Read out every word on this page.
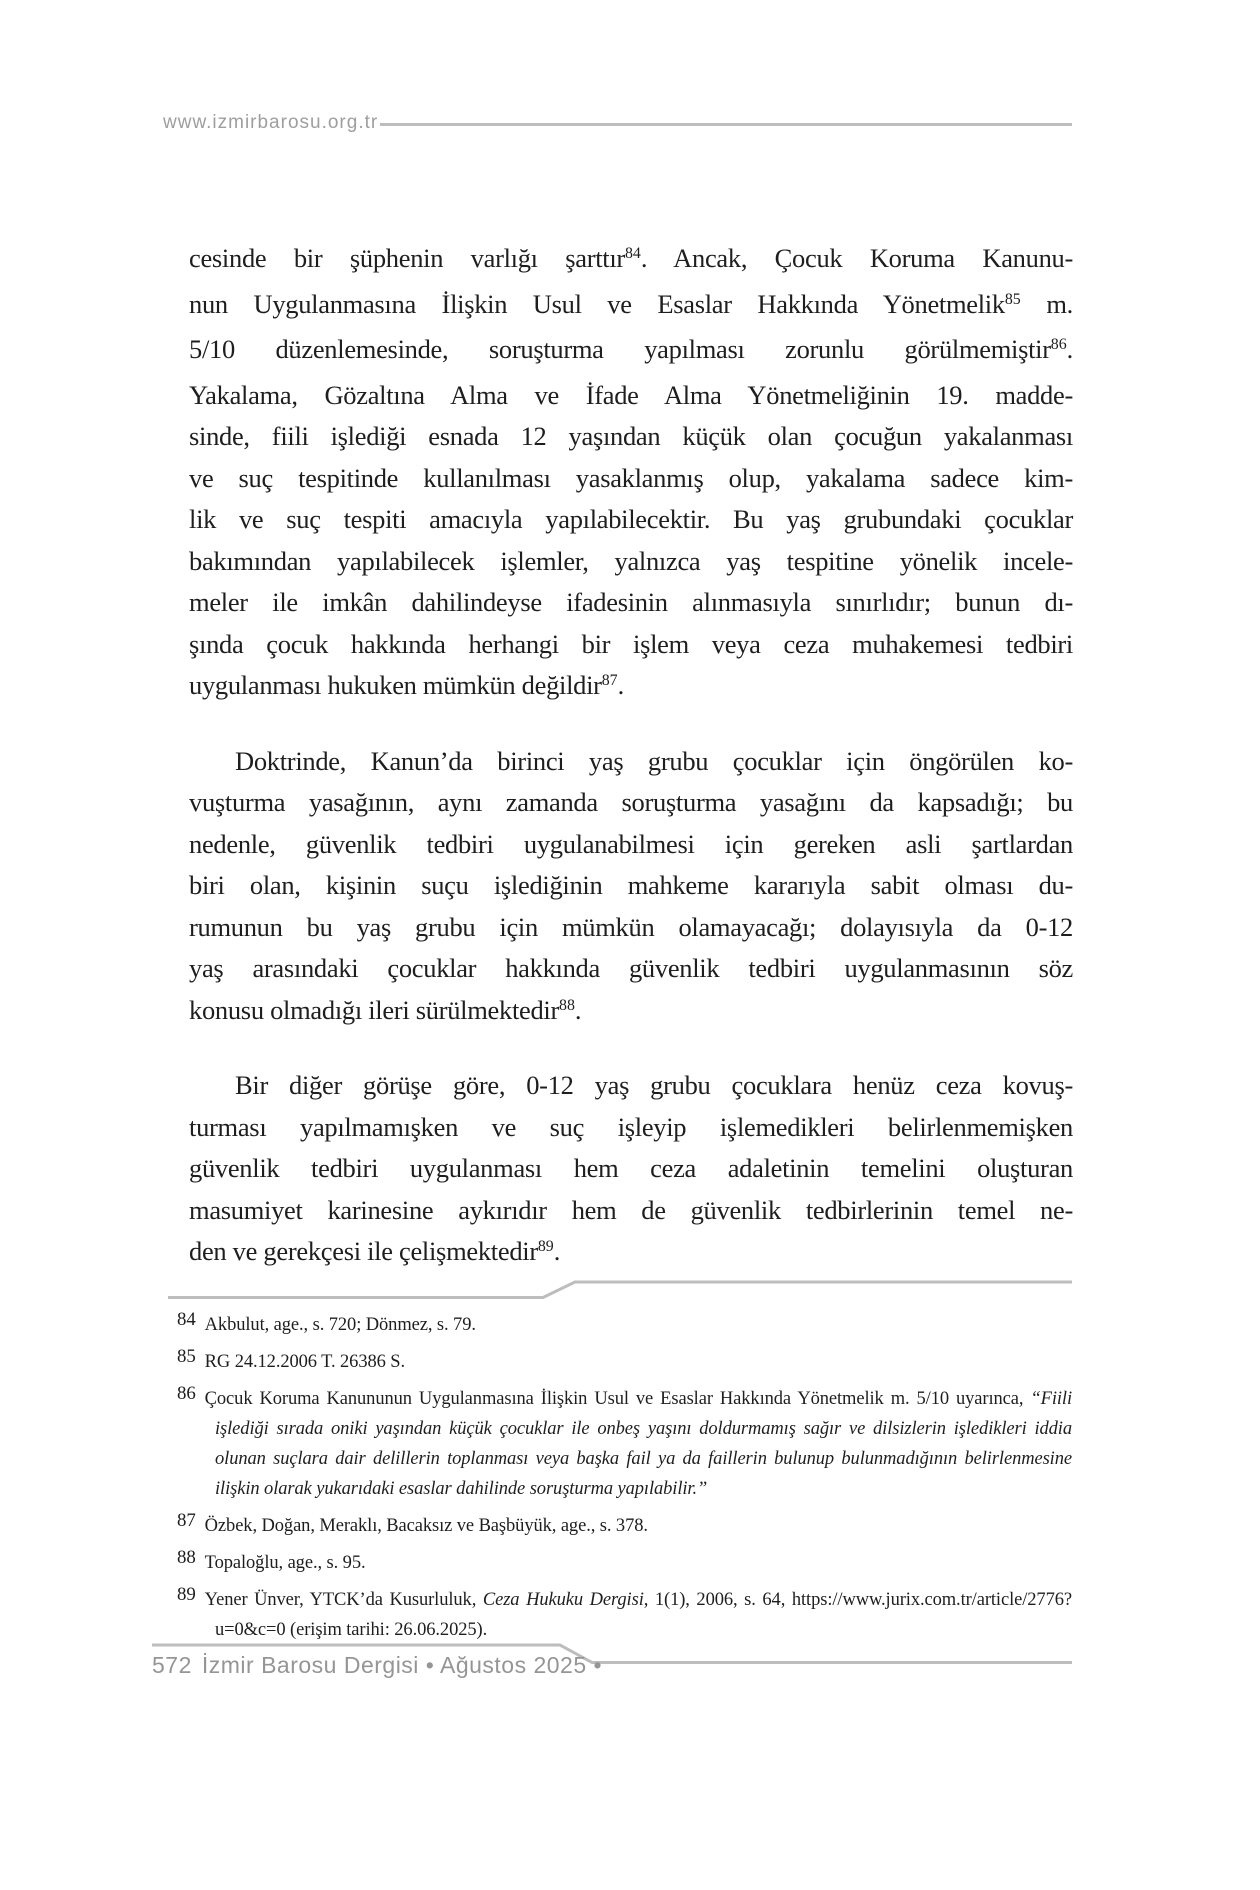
www.izmirbarosu.org.tr
cesinde bir şüphenin varlığı şarttır$^{84}$. Ancak, Çocuk Koruma Kanunu-
nun Uygulanmasına İlişkin Usul ve Esaslar Hakkında Yönetmelik$^{85}$ m.
5/10 düzenlemesinde, soruşturma yapılması zorunlu görülmemiştir$^{86}$.
Yakalama, Gözaltına Alma ve İfade Alma Yönetmeliğinin 19. madde-
sinde, fiili işlediği esnada 12 yaşından küçük olan çocuğun yakalanması
ve suç tespitinde kullanılması yasaklanmış olup, yakalama sadece kim-
lik ve suç tespiti amacıyla yapılabilecektir. Bu yaş grubundaki çocuklar
bakımından yapılabilecek işlemler, yalnızca yaş tespitine yönelik incele-
meler ile imkân dahilindeyse ifadesinin alınmasıyla sınırlıdır; bunun dı-
şında çocuk hakkında herhangi bir işlem veya ceza muhakemesi tedbiri
uygulanması hukuken mümkün değildir$^{87}$.
Doktrinde, Kanun’da birinci yaş grubu çocuklar için öngörülen ko-
vuşturma yasağının, aynı zamanda soruşturma yasağını da kapsadığı; bu
nedenle, güvenlik tedbiri uygulanabilmesi için gereken asli şartlardan
biri olan, kişinin suçu işlediğinin mahkeme kararıyla sabit olması du-
rumunun bu yaş grubu için mümkün olamayacağı; dolayısıyla da 0-12
yaş arasındaki çocuklar hakkında güvenlik tedbiri uygulanmasının söz
konusu olmadığı ileri sürülmektedir$^{88}$.
Bir diğer görüşe göre, 0-12 yaş grubu çocuklara henüz ceza kovuş-
turması yapılmamışken ve suç işleyip işlemedikleri belirlenmemişken
güvenlik tedbiri uygulanması hem ceza adaletinin temelini oluşturan
masumiyet karinesine aykırıdır hem de güvenlik tedbirlerinin temel ne-
den ve gerekçesi ile çelişmektedir$^{89}$.
84 Akbulut, age., s. 720; Dönmez, s. 79.
85 RG 24.12.2006 T. 26386 S.
86 Çocuk Koruma Kanununun Uygulanmasına İlişkin Usul ve Esaslar Hakkında Yönetmelik m. 5/10 uyarınca, “Fiili işlediği sırada oniki yaşından küçük çocuklar ile onbeş yaşını doldurmamış sağır ve dilsizlerin işledikleri iddia olunan suçlara dair delillerin toplanması veya başka fail ya da faillerin bulunup bulunmadığının belirlenmesine ilişkin olarak yukarıdaki esaslar dahilinde soruşturma yapılabilir.”
87 Özbek, Doğan, Meraklı, Bacaksız ve Başbüyük, age., s. 378.
88 Topaloğlu, age., s. 95.
89 Yener Ünver, YTCK’da Kusurluluk, Ceza Hukuku Dergisi, 1(1), 2006, s. 64, https://www.jurix.com.tr/article/2776?u=0&c=0 (erişim tarihi: 26.06.2025).
572 İzmir Barosu Dergisi • Ağustos 2025 •
